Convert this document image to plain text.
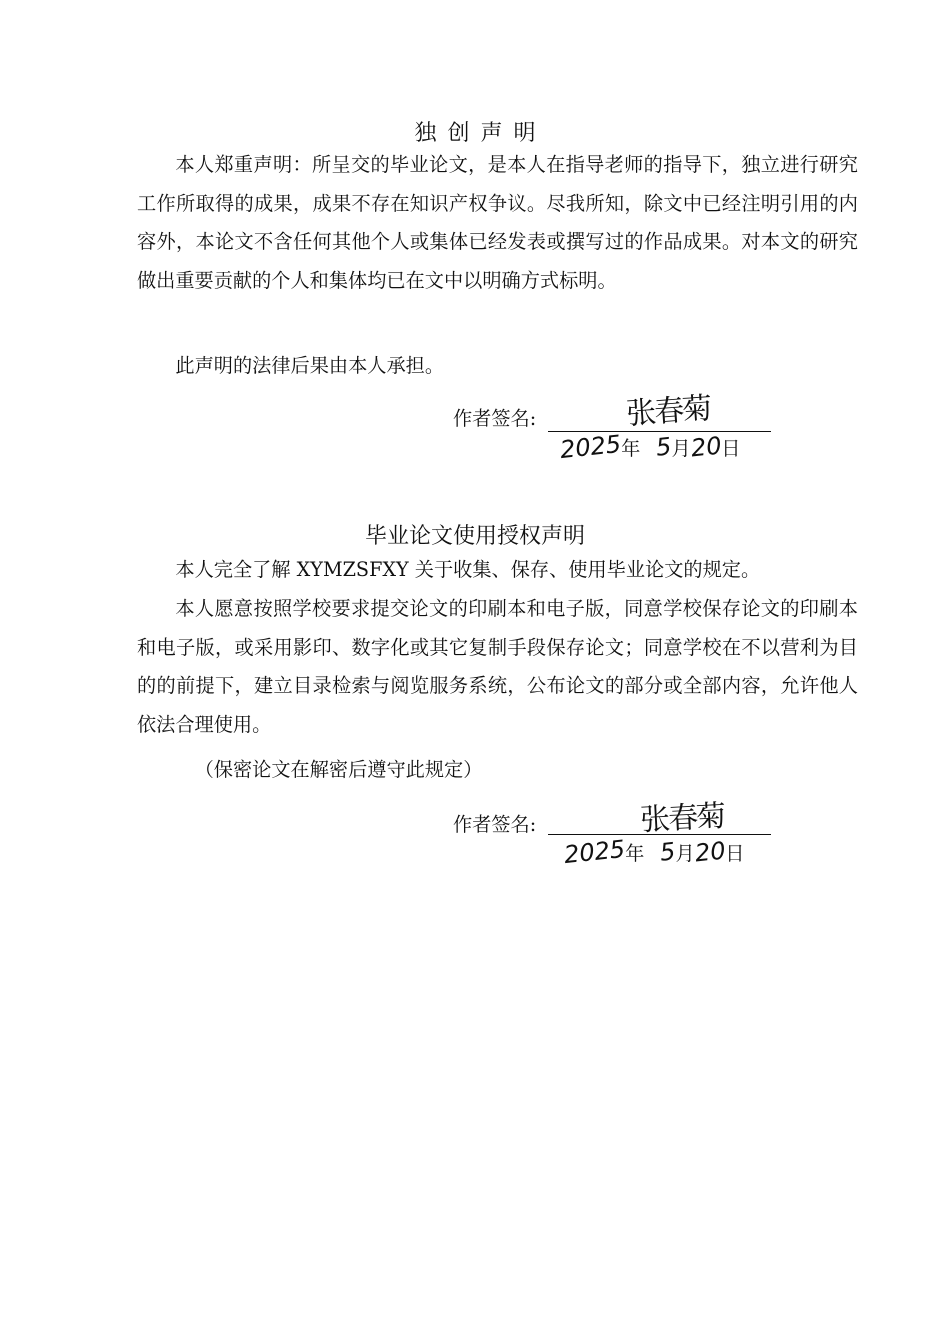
独创声明

本人郑重声明：所呈交的毕业论文，是本人在指导老师的指导下，独立进行研究工作所取得的成果，成果不存在知识产权争议。尽我所知，除文中已经注明引用的内容外，本论文不含任何其他个人或集体已经发表或撰写过的作品成果。对本文的研究做出重要贡献的个人和集体均已在文中以明确方式标明。

此声明的法律后果由本人承担。

作者签名:	张春菊
2025年 5月20日
毕业论文使用授权声明

本人完全了解 XYMZSFXY 关于收集、保存、使用毕业论文的规定。

本人愿意按照学校要求提交论文的印刷本和电子版，同意学校保存论文的印刷本和电子版，或采用影印、数字化或其它复制手段保存论文；同意学校在不以营利为目的的前提下，建立目录检索与阅览服务系统，公布论文的部分或全部内容，允许他人依法合理使用。

（保密论文在解密后遵守此规定）

作者签名:	张春菊
2025年 5月20日
